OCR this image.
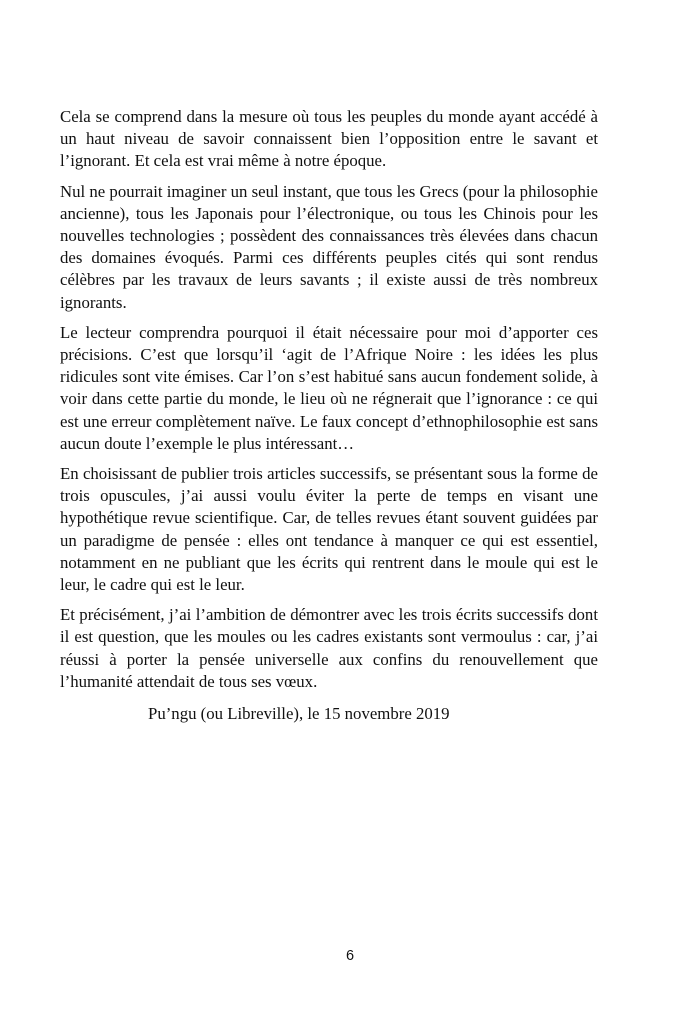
Cela se comprend dans la mesure où tous les peuples du monde ayant accédé à un haut niveau de savoir connaissent bien l’opposition entre le savant et l’ignorant. Et cela est vrai même à notre époque.

Nul ne pourrait imaginer un seul instant, que tous les Grecs (pour la philosophie ancienne), tous les Japonais pour l’électronique, ou tous les Chinois pour les nouvelles technologies ; possèdent des connaissances très élevées dans chacun des domaines évoqués. Parmi ces différents peuples cités qui sont rendus célèbres par les travaux de leurs savants ; il existe aussi de très nombreux ignorants.

Le lecteur comprendra pourquoi il était nécessaire pour moi d’apporter ces précisions. C’est que lorsqu’il ‘agit de l’Afrique Noire : les idées les plus ridicules sont vite émises. Car l’on s’est habitué sans aucun fondement solide, à voir dans cette partie du monde, le lieu où ne régnerait que l’ignorance : ce qui est une erreur complètement naïve. Le faux concept d’ethnophilosophie est sans aucun doute l’exemple le plus intéressant…

En choisissant de publier trois articles successifs, se présentant sous la forme de trois opuscules, j’ai aussi voulu éviter la perte de temps en visant une hypothétique revue scientifique. Car, de telles revues étant souvent guidées par un paradigme de pensée : elles ont tendance à manquer ce qui est essentiel, notamment en ne publiant que les écrits qui rentrent dans le moule qui est le leur, le cadre qui est le leur.

Et précisément, j’ai l’ambition de démontrer avec les trois écrits successifs dont il est question, que les moules ou les cadres existants sont vermoulus : car, j’ai réussi à porter la pensée universelle aux confins du renouvellement que l’humanité attendait de tous ses vœux.

Pu’ngu (ou Libreville), le 15 novembre 2019
6
